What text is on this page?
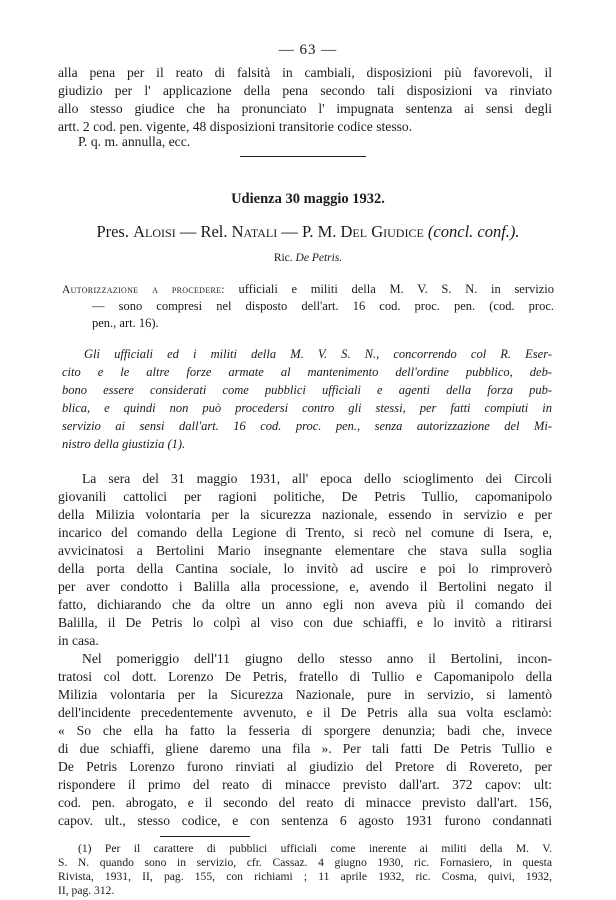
— 63 —
alla pena per il reato di falsità in cambiali, disposizioni più favorevoli, il
giudizio per l' applicazione della pena secondo tali disposizioni va rinviato
allo stesso giudice che ha pronunciato l' impugnata sentenza ai sensi degli
artt. 2 cod. pen. vigente, 48 disposizioni transitorie codice stesso.
P. q. m. annulla, ecc.
Udienza 30 maggio 1932.
Pres. Aloisi — Rel. Natali — P. M. Del Giudice (concl. conf.).
Ric. De Petris.
Autorizzazione a procedere: ufficiali e militi della M. V. S. N. in servizio
— sono compresi nel disposto dell'art. 16 cod. proc. pen. (cod. proc.
pen., art. 16).
Gli ufficiali ed i militi della M. V. S. N., concorrendo col R. Eser-
cito e le altre forze armate al mantenimento dell'ordine pubblico, deb-
bono essere considerati come pubblici ufficiali e agenti della forza pub-
blica, e quindi non può procedersi contro gli stessi, per fatti compiuti in
servizio ai sensi dall'art. 16 cod. proc. pen., senza autorizzazione del Mi-
nistro della giustizia (1).
La sera del 31 maggio 1931, all' epoca dello scioglimento dei Circoli
giovanili cattolici per ragioni politiche, De Petris Tullio, capomanipolo
della Milizia volontaria per la sicurezza nazionale, essendo in servizio e per
incarico del comando della Legione di Trento, si recò nel comune di Isera, e,
avvicinatosi a Bertolini Mario insegnante elementare che stava sulla soglia
della porta della Cantina sociale, lo invitò ad uscire e poi lo rimproverò
per aver condotto i Balilla alla processione, e, avendo il Bertolini negato il
fatto, dichiarando che da oltre un anno egli non aveva più il comando dei
Balilla, il De Petris lo colpì al viso con due schiaffi, e lo invitò a ritirarsi
in casa.
Nel pomeriggio dell'11 giugno dello stesso anno il Bertolini, incon-
tratosi col dott. Lorenzo De Petris, fratello di Tullio e Capomanipolo della
Milizia volontaria per la Sicurezza Nazionale, pure in servizio, si lamentò
dell'incidente precedentemente avvenuto, e il De Petris alla sua volta esclamò:
« So che ella ha fatto la fesseria di sporgere denunzia; badi che, invece
di due schiaffi, gliene daremo una fila ». Per tali fatti De Petris Tullio e
De Petris Lorenzo furono rinviati al giudizio del Pretore di Rovereto, per
rispondere il primo del reato di minacce previsto dall'art. 372 capov: ult:
cod. pen. abrogato, e il secondo del reato di minacce previsto dall'art. 156,
capov. ult., stesso codice, e con sentenza 6 agosto 1931 furono condannati
(1) Per il carattere di pubblici ufficiali come inerente ai militi della M. V.
S. N. quando sono in servizio, cfr. Cassaz. 4 giugno 1930, ric. Fornasiero, in questa
Rivista, 1931, II, pag. 155, con richiami ; 11 aprile 1932, ric. Cosma, quivi, 1932,
II, pag. 312.
